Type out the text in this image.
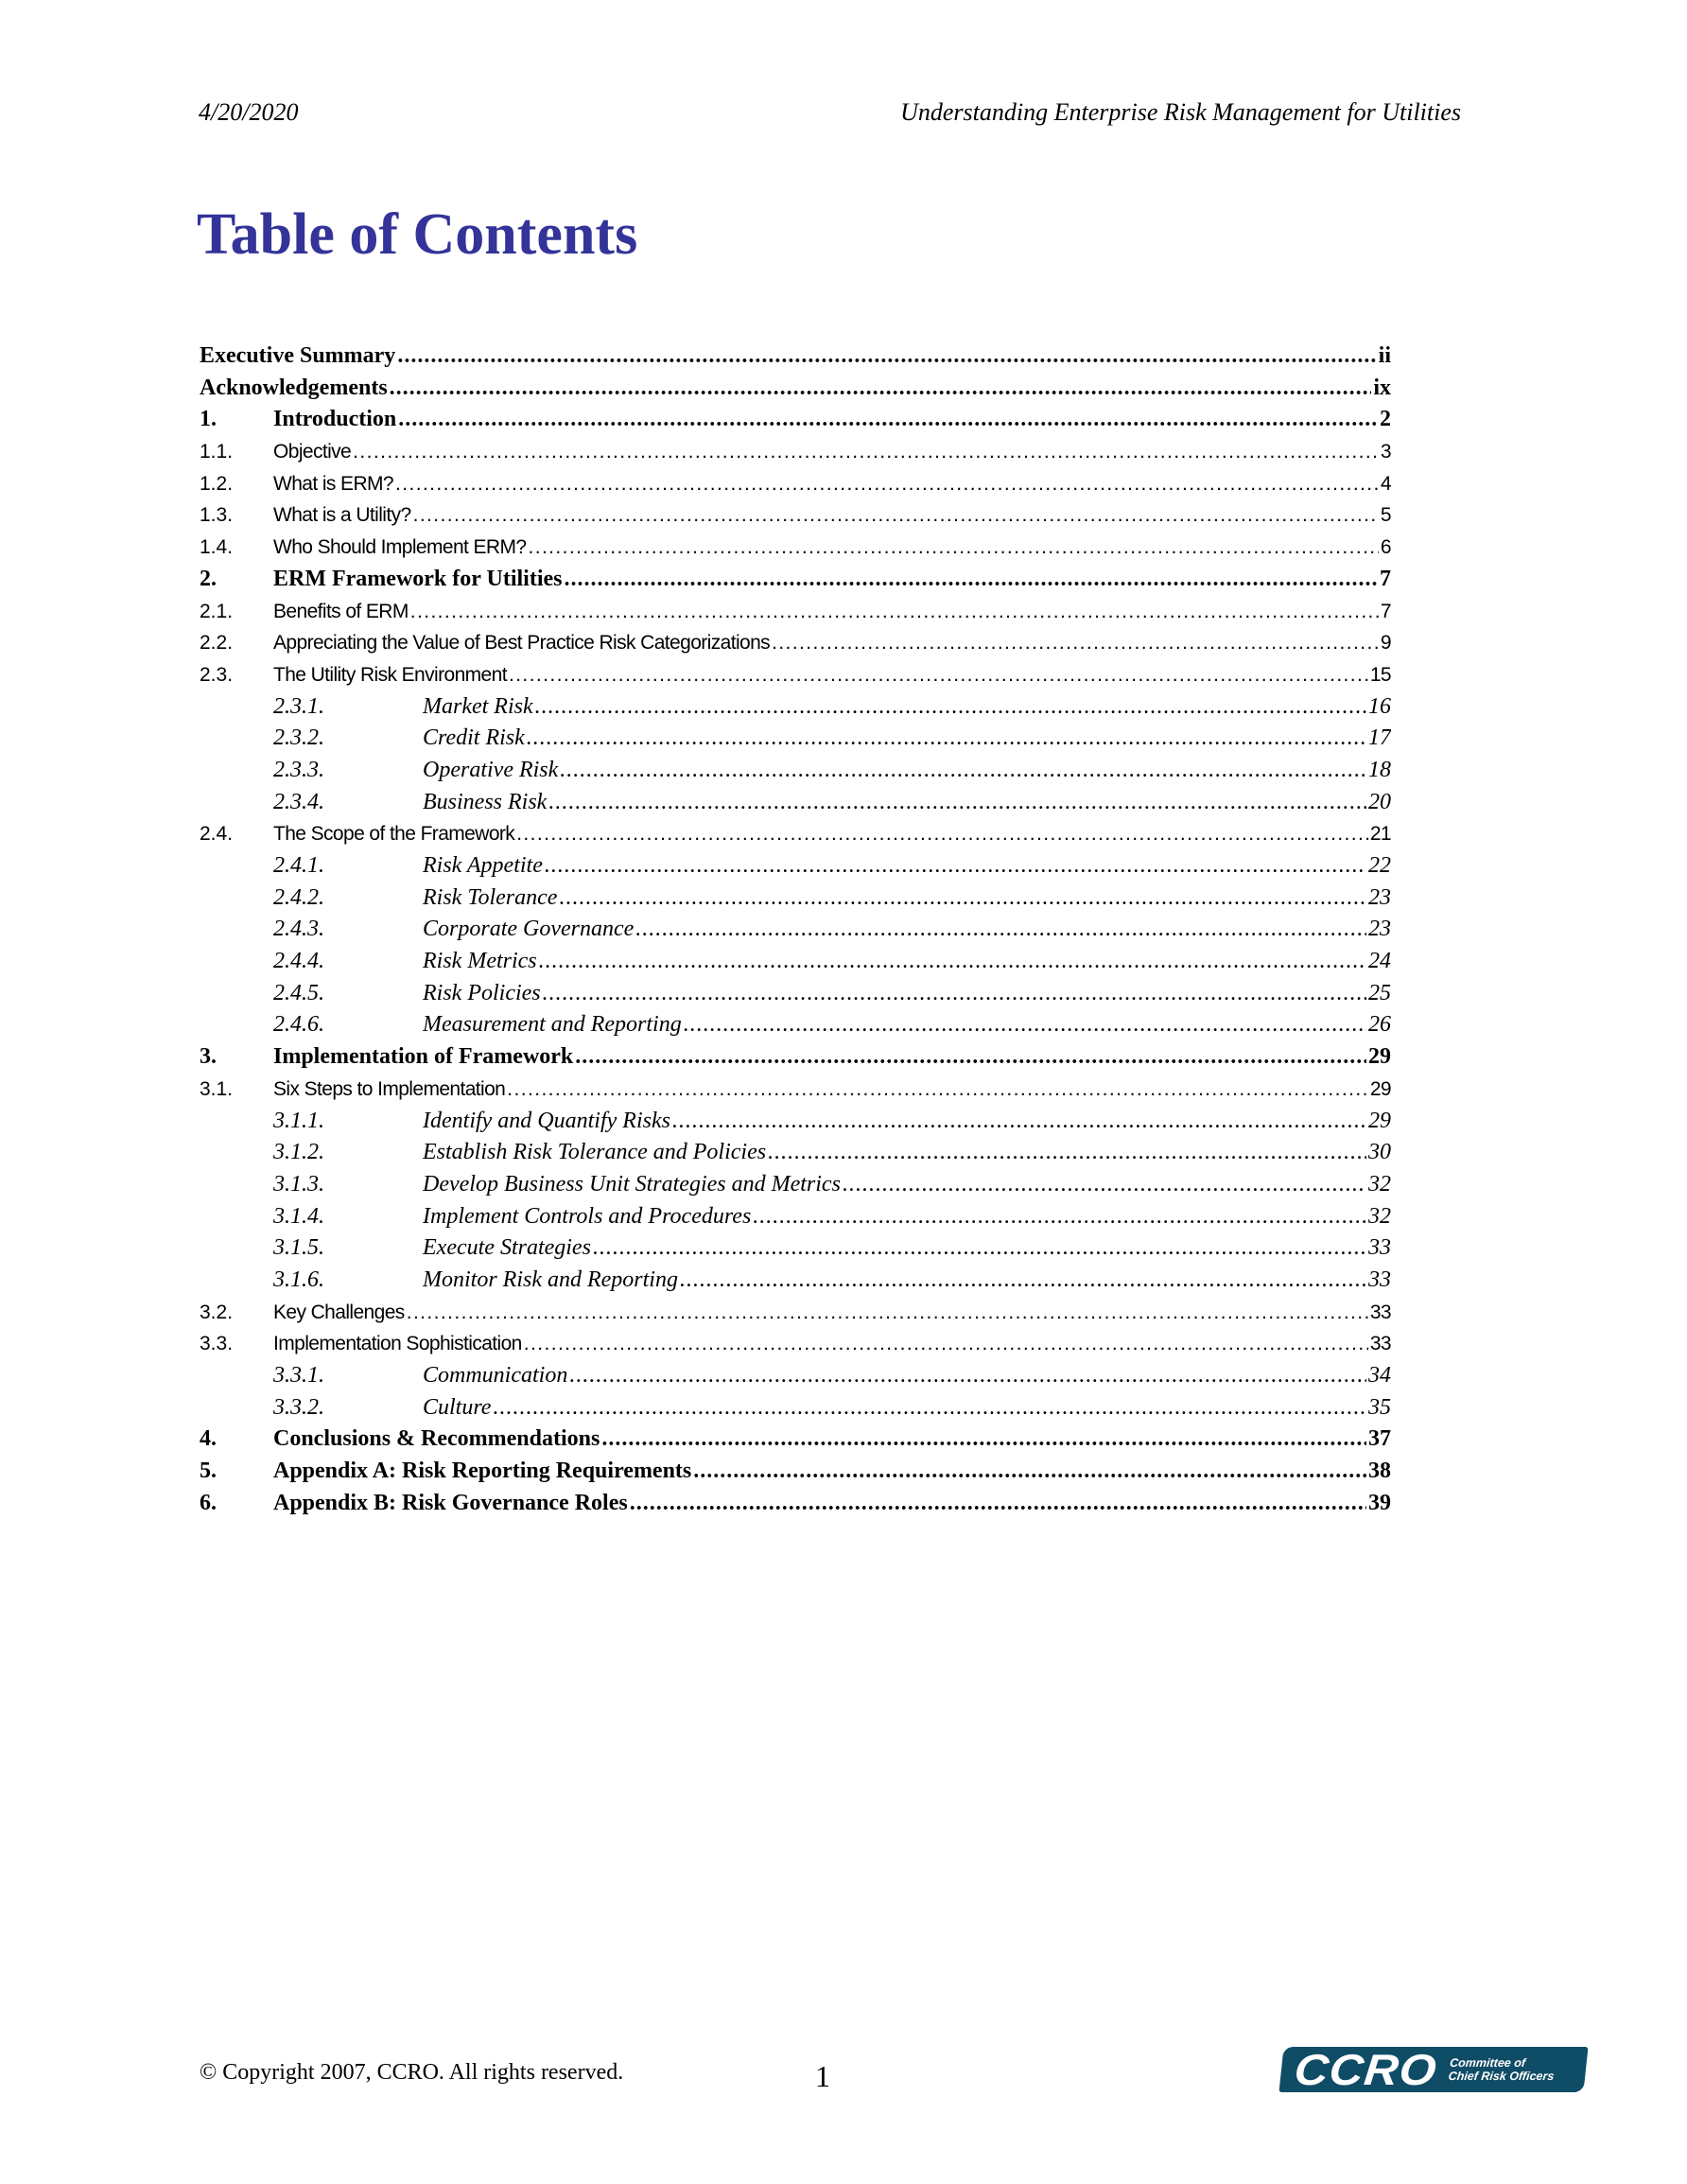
4/20/2020	Understanding Enterprise Risk Management for Utilities
Table of Contents
Executive Summary .....	ii
Acknowledgements .....	ix
1.	Introduction .....	2
1.1.	Objective .....	3
1.2.	What is ERM? .....	4
1.3.	What is a Utility? .....	5
1.4.	Who Should Implement ERM? .....	6
2.	ERM Framework for Utilities .....	7
2.1.	Benefits of ERM .....	7
2.2.	Appreciating the Value of Best Practice Risk Categorizations .....	9
2.3.	The Utility Risk Environment .....	15
2.3.1.	Market Risk .....	16
2.3.2.	Credit Risk .....	17
2.3.3.	Operative Risk .....	18
2.3.4.	Business Risk .....	20
2.4.	The Scope of the Framework .....	21
2.4.1.	Risk Appetite .....	22
2.4.2.	Risk Tolerance .....	23
2.4.3.	Corporate Governance .....	23
2.4.4.	Risk Metrics .....	24
2.4.5.	Risk Policies .....	25
2.4.6.	Measurement and Reporting .....	26
3.	Implementation of Framework .....	29
3.1.	Six Steps to Implementation .....	29
3.1.1.	Identify and Quantify Risks .....	29
3.1.2.	Establish Risk Tolerance and Policies .....	30
3.1.3.	Develop Business Unit Strategies and Metrics .....	32
3.1.4.	Implement Controls and Procedures .....	32
3.1.5.	Execute Strategies .....	33
3.1.6.	Monitor Risk and Reporting .....	33
3.2.	Key Challenges .....	33
3.3.	Implementation Sophistication .....	33
3.3.1.	Communication .....	34
3.3.2.	Culture .....	35
4.	Conclusions & Recommendations .....	37
5.	Appendix A: Risk Reporting Requirements .....	38
6.	Appendix B: Risk Governance Roles .....	39
© Copyright 2007, CCRO. All rights reserved.	1	CCRO Committee of
Chief Risk Officers
